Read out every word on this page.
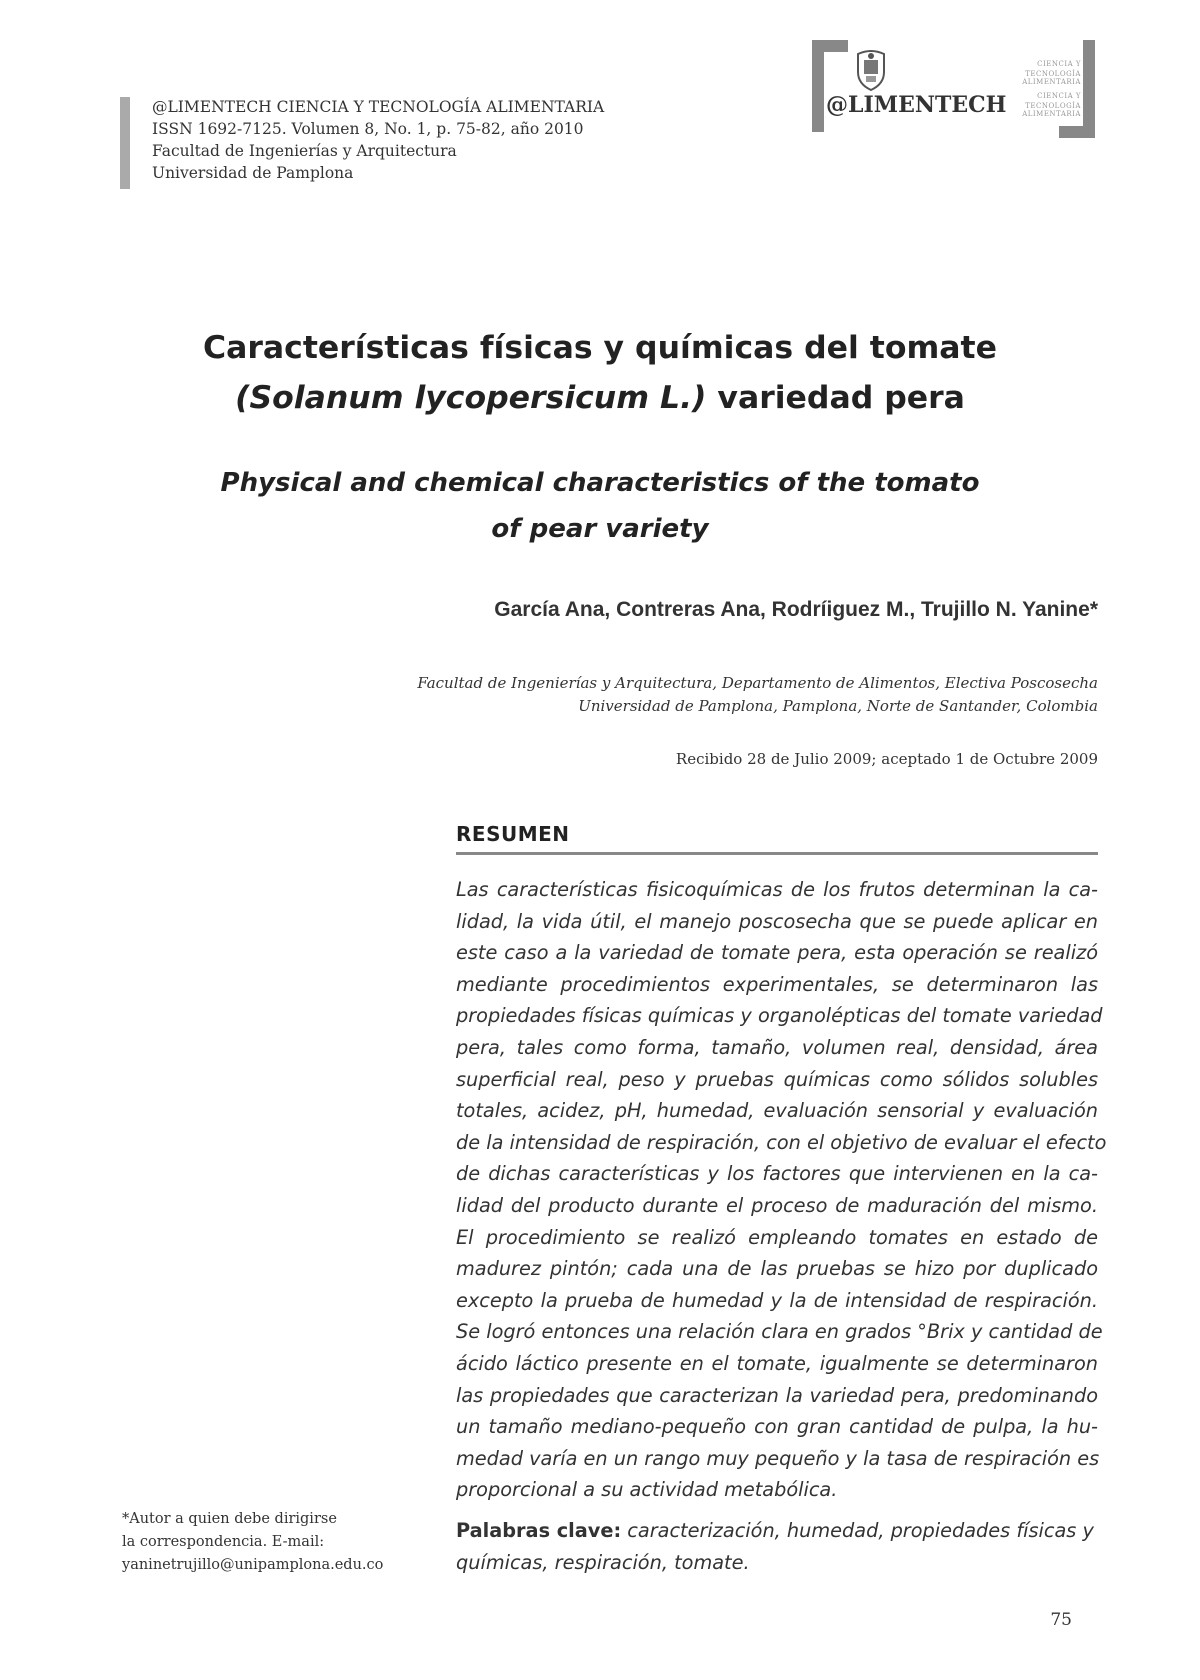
@LIMENTECH CIENCIA Y TECNOLOGÍA ALIMENTARIA
ISSN 1692-7125. Volumen 8, No. 1, p. 75-82, año 2010
Facultad de Ingenierías y Arquitectura
Universidad de Pamplona
@LIMENTECH
CIENCIA Y
TECNOLOGÍA ALIMENTARIA
CIENCIA Y
TECNOLOGÍA ALIMENTARIA
Características físicas y químicas del tomate (Solanum lycopersicum L.) variedad pera
Physical and chemical characteristics of the tomato
of pear variety
García Ana, Contreras Ana, Rodríiguez M., Trujillo N. Yanine*
Facultad de Ingenierías y Arquitectura, Departamento de Alimentos, Electiva Poscosecha
Universidad de Pamplona, Pamplona, Norte de Santander, Colombia
Recibido 28 de Julio 2009; aceptado 1 de Octubre 2009
RESUMEN
Las características fisicoquímicas de los frutos determinan la ca-
lidad, la vida útil, el manejo poscosecha que se puede aplicar en
este caso a la variedad de tomate pera, esta operación se realizó
mediante procedimientos experimentales, se determinaron las
propiedades físicas químicas y organolépticas del tomate variedad
pera, tales como forma, tamaño, volumen real, densidad, área
superficial real, peso y pruebas químicas como sólidos solubles
totales, acidez, pH, humedad, evaluación sensorial y evaluación
de la intensidad de respiración, con el objetivo de evaluar el efecto
de dichas características y los factores que intervienen en la ca-
lidad del producto durante el proceso de maduración del mismo.
El procedimiento se realizó empleando tomates en estado de
madurez pintón; cada una de las pruebas se hizo por duplicado
excepto la prueba de humedad y la de intensidad de respiración.
Se logró entonces una relación clara en grados °Brix y cantidad de
ácido láctico presente en el tomate, igualmente se determinaron
las propiedades que caracterizan la variedad pera, predominando
un tamaño mediano-pequeño con gran cantidad de pulpa, la hu-
medad varía en un rango muy pequeño y la tasa de respiración es
proporcional a su actividad metabólica.
Palabras clave: caracterización, humedad, propiedades físicas y químicas, respiración, tomate.
*Autor a quien debe dirigirse
la correspondencia. E-mail:
yaninetrujillo@unipamplona.edu.co
75
